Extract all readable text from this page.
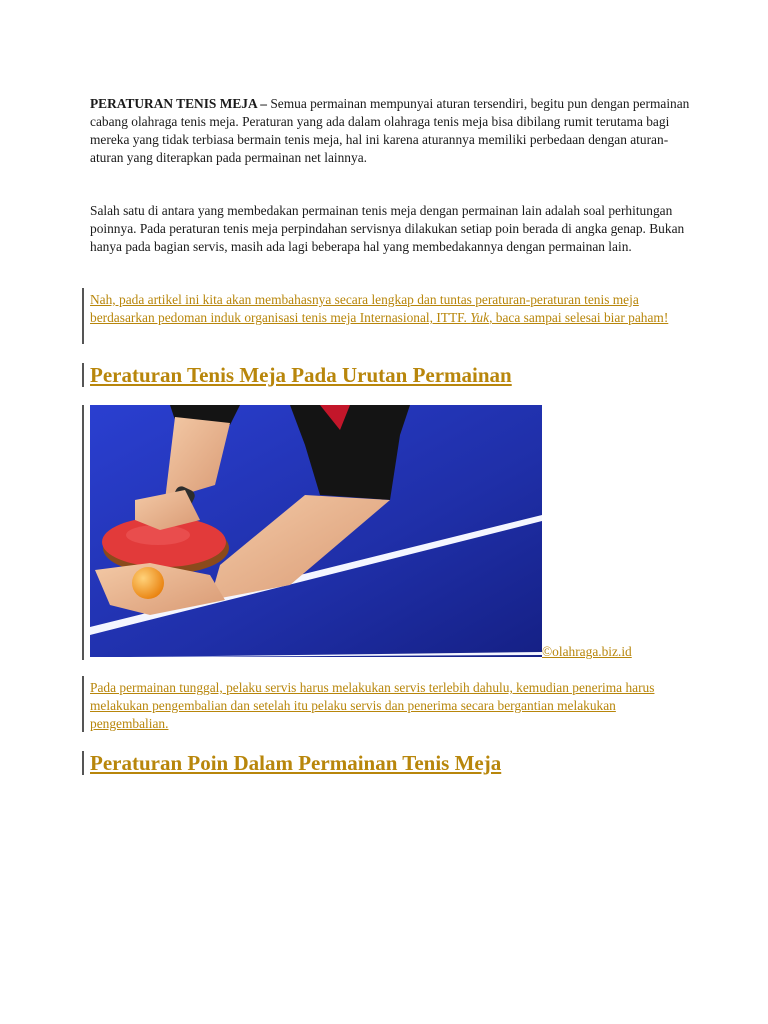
PERATURAN TENIS MEJA – Semua permainan mempunyai aturan tersendiri, begitu pun dengan permainan cabang olahraga tenis meja. Peraturan yang ada dalam olahraga tenis meja bisa dibilang rumit terutama bagi mereka yang tidak terbiasa bermain tenis meja, hal ini karena aturannya memiliki perbedaan dengan aturan-aturan yang diterapkan pada permainan net lainnya.

Salah satu di antara yang membedakan permainan tenis meja dengan permainan lain adalah soal perhitungan poinnya. Pada peraturan tenis meja perpindahan servisnya dilakukan setiap poin berada di angka genap. Bukan hanya pada bagian servis, masih ada lagi beberapa hal yang membedakannya dengan permainan lain.

Nah, pada artikel ini kita akan membahasnya secara lengkap dan tuntas peraturan-peraturan tenis meja berdasarkan pedoman induk organisasi tenis meja Internasional, ITTF. Yuk, baca sampai selesai biar paham!

Peraturan Tenis Meja Pada Urutan Permainan
©olahraga.biz.id

Pada permainan tunggal, pelaku servis harus melakukan servis terlebih dahulu, kemudian penerima harus melakukan pengembalian dan setelah itu pelaku servis dan penerima secara bergantian melakukan pengembalian.

Peraturan Poin Dalam Permainan Tenis Meja
